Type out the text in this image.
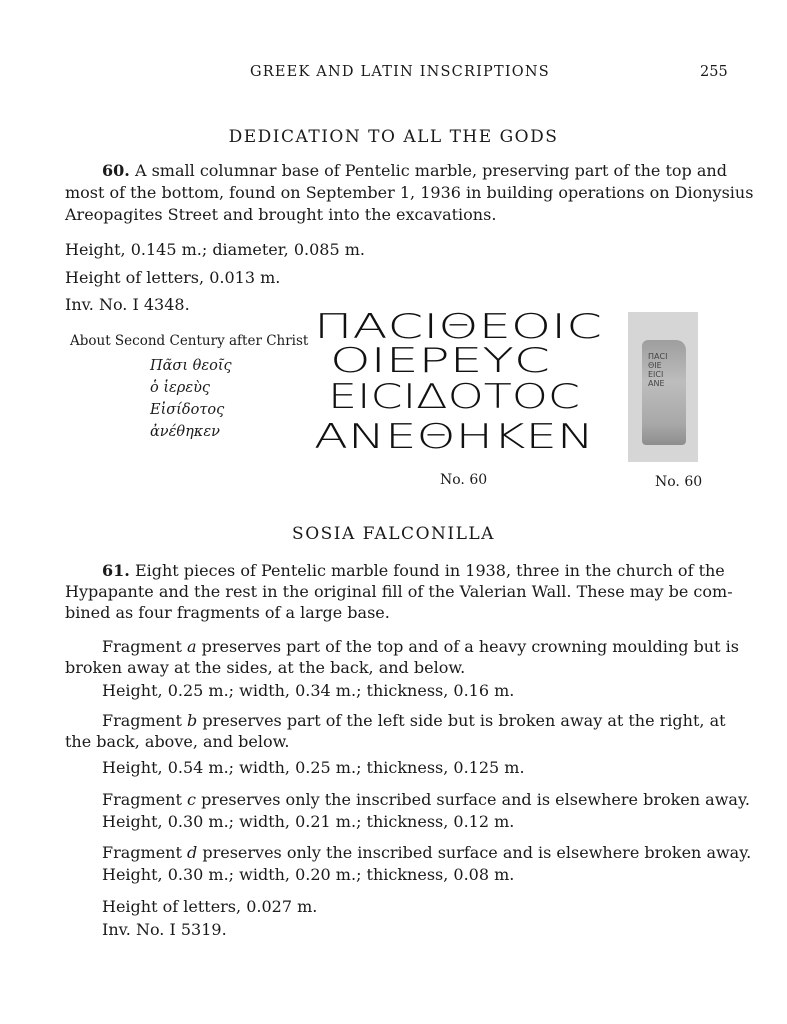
GREEK AND LATIN INSCRIPTIONS	255
DEDICATION TO ALL THE GODS
60. A small columnar base of Pentelic marble, preserving part of the top and
most of the bottom, found on September 1, 1936 in building operations on Dionysius
Areopagites Street and brought into the excavations.
Height, 0.145 m.; diameter, 0.085 m.
Height of letters, 0.013 m.
Inv. No. I 4348.
About Second Century after Christ
Πᾶσι θεοῖς
ὁ ἱερεὺς
Εἰσίδοτος
ἀνέθηκεν
ΠΑCΙΘΕΟΙC
ΟΙΕΡΕΥC
ΕΙCΙΔΟΤΟC
ΑΝΕΘΗΚΕΝ
ΠΑCΙ
ΘΙΕ
ΕΙCΙ
ΑΝΕ
No. 60	No. 60
SOSIA FALCONILLA
61. Eight pieces of Pentelic marble found in 1938, three in the church of the
Hypapante and the rest in the original fill of the Valerian Wall. These may be com-
bined as four fragments of a large base.
Fragment a preserves part of the top and of a heavy crowning moulding but is
broken away at the sides, at the back, and below.
Height, 0.25 m.; width, 0.34 m.; thickness, 0.16 m.
Fragment b preserves part of the left side but is broken away at the right, at
the back, above, and below.
Height, 0.54 m.; width, 0.25 m.; thickness, 0.125 m.
Fragment c preserves only the inscribed surface and is elsewhere broken away.
Height, 0.30 m.; width, 0.21 m.; thickness, 0.12 m.
Fragment d preserves only the inscribed surface and is elsewhere broken away.
Height, 0.30 m.; width, 0.20 m.; thickness, 0.08 m.
Height of letters, 0.027 m.
Inv. No. I 5319.
